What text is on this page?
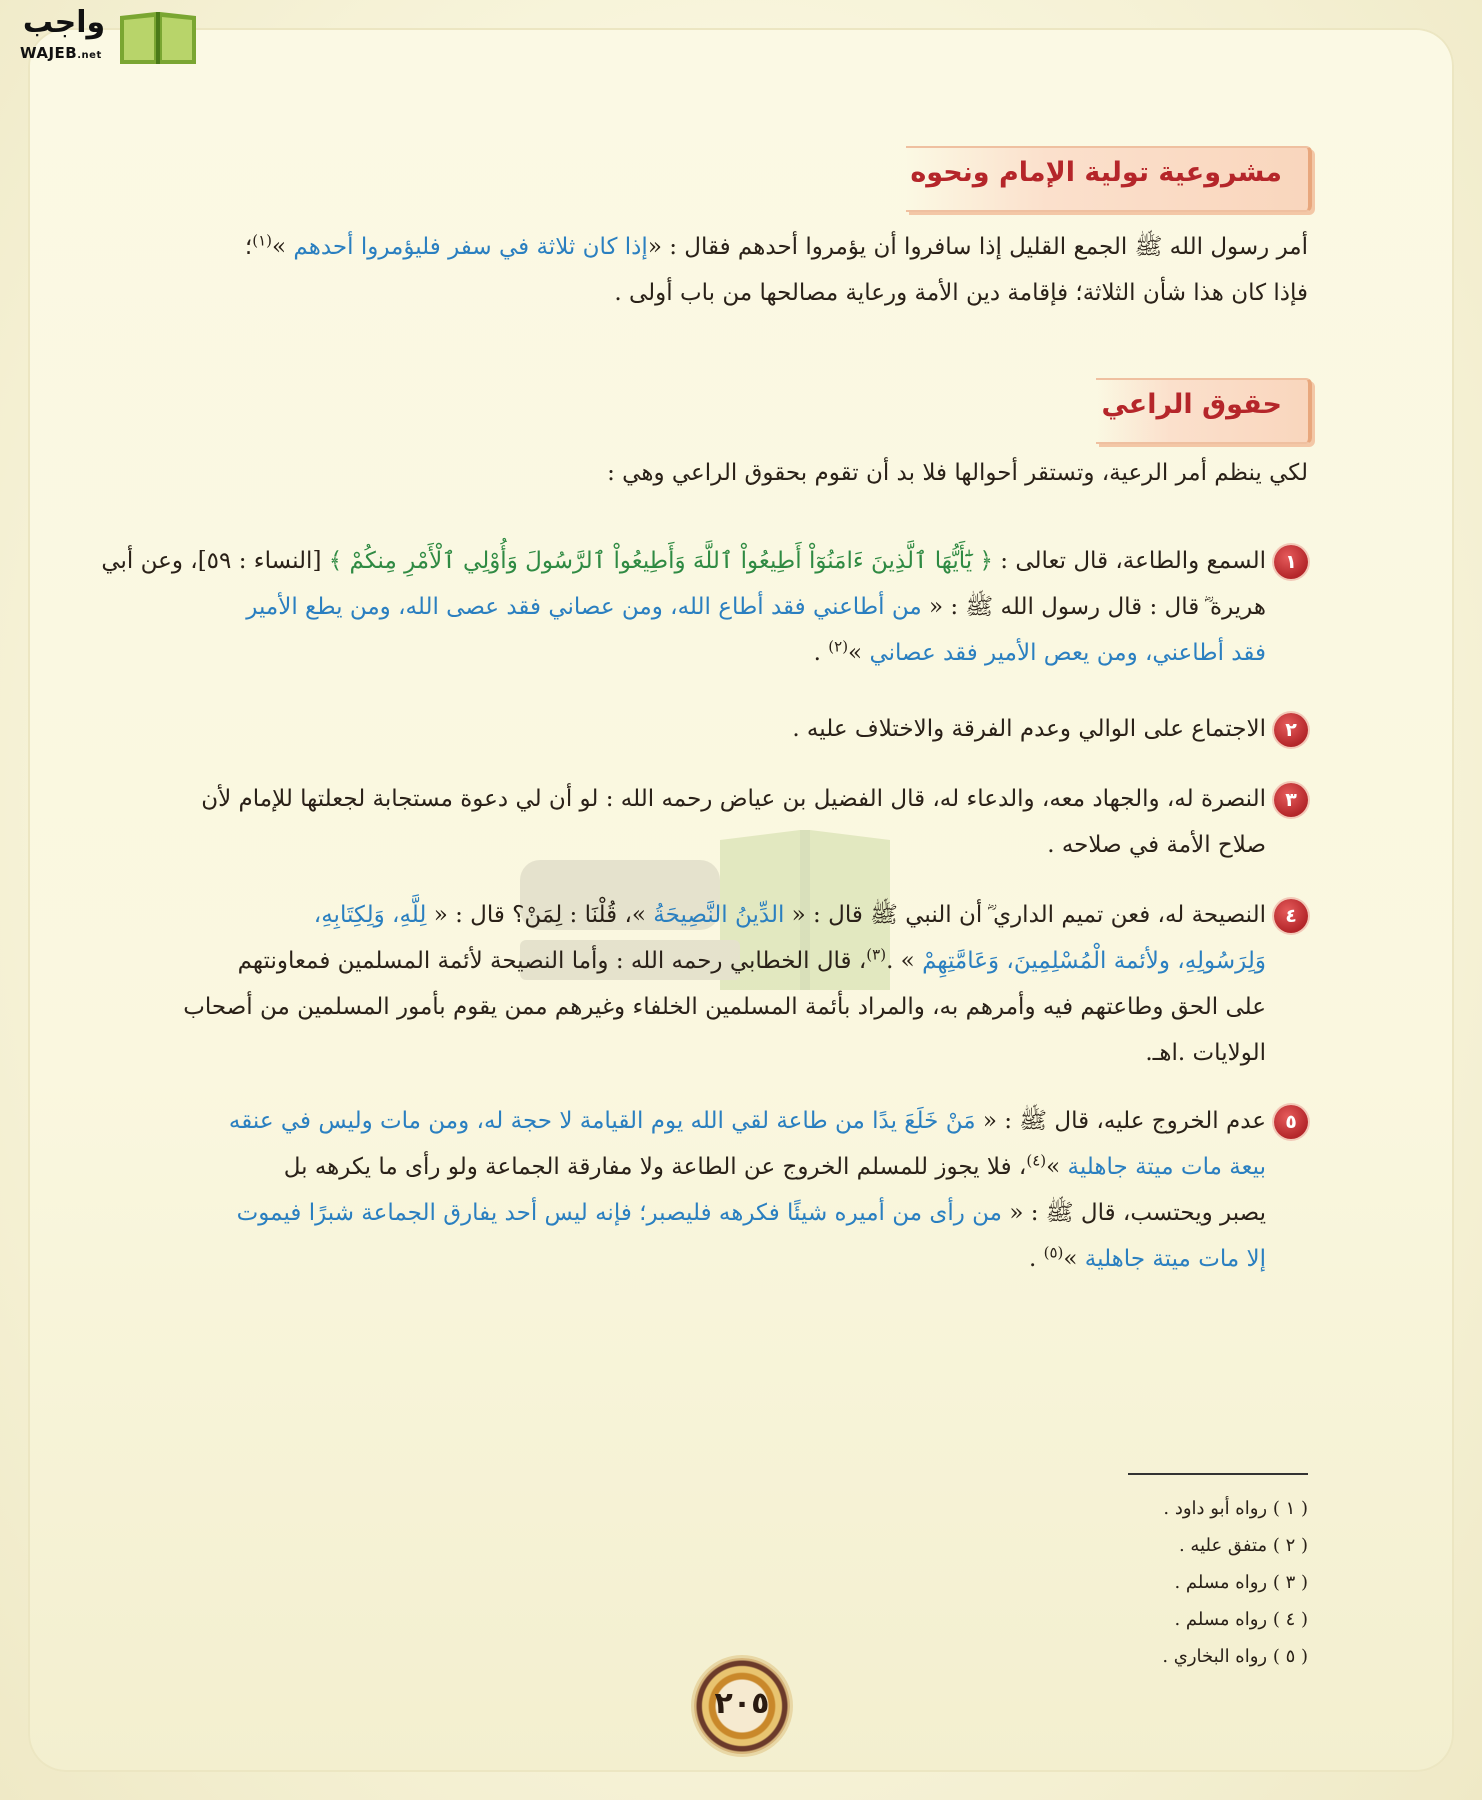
واجب
WAJEB.net
مشروعية تولية الإمام ونحوه
أمر رسول الله ﷺ الجمع القليل إذا سافروا أن يؤمروا أحدهم فقال : «إذا كان ثلاثة في سفر فليؤمروا أحدهم »$^{(١)}$؛
فإذا كان هذا شأن الثلاثة؛ فإقامة دين الأمة ورعاية مصالحها من باب أولى .
حقوق الراعي
لكي ينظم أمر الرعية، وتستقر أحوالها فلا بد أن تقوم بحقوق الراعي وهي :
١السمع والطاعة، قال تعالى : ﴿ يَٰٓأَيُّهَا ٱلَّذِينَ ءَامَنُوٓاْ أَطِيعُواْ ٱللَّهَ وَأَطِيعُواْ ٱلرَّسُولَ وَأُوْلِي ٱلْأَمْرِ مِنكُمْ ﴾ [النساء : ٥٩]، وعن أبي
هريرة ؓ قال : قال رسول الله ﷺ : « من أطاعني فقد أطاع الله، ومن عصاني فقد عصى الله، ومن يطع الأمير
فقد أطاعني، ومن يعص الأمير فقد عصاني »$^{(٢)}$ .
٢الاجتماع على الوالي وعدم الفرقة والاختلاف عليه .
٣النصرة له، والجهاد معه، والدعاء له، قال الفضيل بن عياض رحمه الله : لو أن لي دعوة مستجابة لجعلتها للإمام لأن
صلاح الأمة في صلاحه .
٤النصيحة له، فعن تميم الداري ؓ أن النبي ﷺ قال : « الدِّينُ النَّصِيحَةُ »، قُلْنَا : لِمَنْ؟ قال : « لِلَّهِ، وَلِكِتَابِهِ،
وَلِرَسُولِهِ، ولأئمة الْمُسْلِمِينَ، وَعَامَّتِهِمْ » .$^{(٣)}$، قال الخطابي رحمه الله : وأما النصيحة لأئمة المسلمين فمعاونتهم
على الحق وطاعتهم فيه وأمرهم به، والمراد بأئمة المسلمين الخلفاء وغيرهم ممن يقوم بأمور المسلمين من أصحاب
الولايات .اهـ.
٥عدم الخروج عليه، قال ﷺ : « مَنْ خَلَعَ يدًا من طاعة لقي الله يوم القيامة لا حجة له، ومن مات وليس في عنقه
بيعة مات ميتة جاهلية »$^{(٤)}$، فلا يجوز للمسلم الخروج عن الطاعة ولا مفارقة الجماعة ولو رأى ما يكرهه بل
يصبر ويحتسب، قال ﷺ : « من رأى من أميره شيئًا فكرهه فليصبر؛ فإنه ليس أحد يفارق الجماعة شبرًا فيموت
إلا مات ميتة جاهلية »$^{(٥)}$ .
( ١ ) رواه أبو داود .
( ٢ ) متفق عليه .
( ٣ ) رواه مسلم .
( ٤ ) رواه مسلم .
( ٥ ) رواه البخاري .
٢٠٥
